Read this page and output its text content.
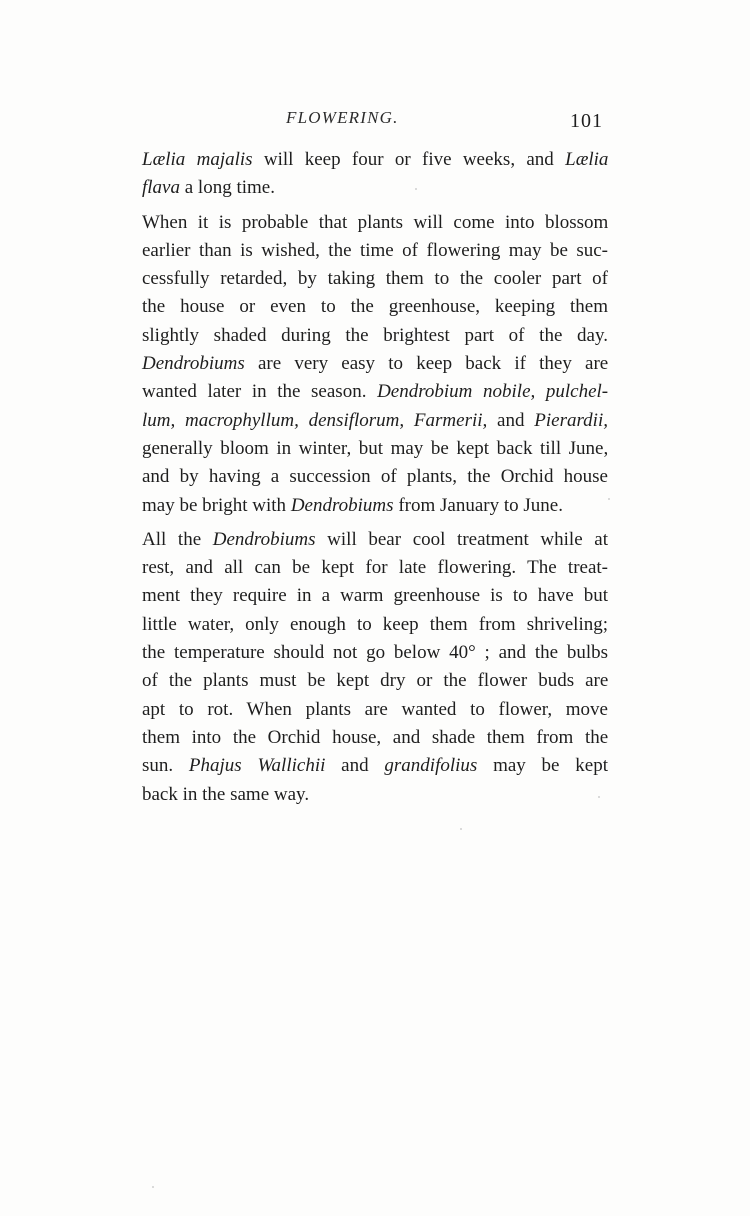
FLOWERING.	101
Lælia majalis will keep four or five weeks, and Lælia
flava a long time.
When it is probable that plants will come into blossom
earlier than is wished, the time of flowering may be suc-
cessfully retarded, by taking them to the cooler part of
the house or even to the greenhouse, keeping them
slightly shaded during the brightest part of the day.
Dendrobiums are very easy to keep back if they are
wanted later in the season. Dendrobium nobile, pulchel-
lum, macrophyllum, densiflorum, Farmerii, and Pierardii,
generally bloom in winter, but may be kept back till June,
and by having a succession of plants, the Orchid house
may be bright with Dendrobiums from January to June.
All the Dendrobiums will bear cool treatment while at
rest, and all can be kept for late flowering. The treat-
ment they require in a warm greenhouse is to have but
little water, only enough to keep them from shriveling;
the temperature should not go below 40° ; and the bulbs
of the plants must be kept dry or the flower buds are
apt to rot. When plants are wanted to flower, move
them into the Orchid house, and shade them from the
sun. Phajus Wallichii and grandifolius may be kept
back in the same way.
